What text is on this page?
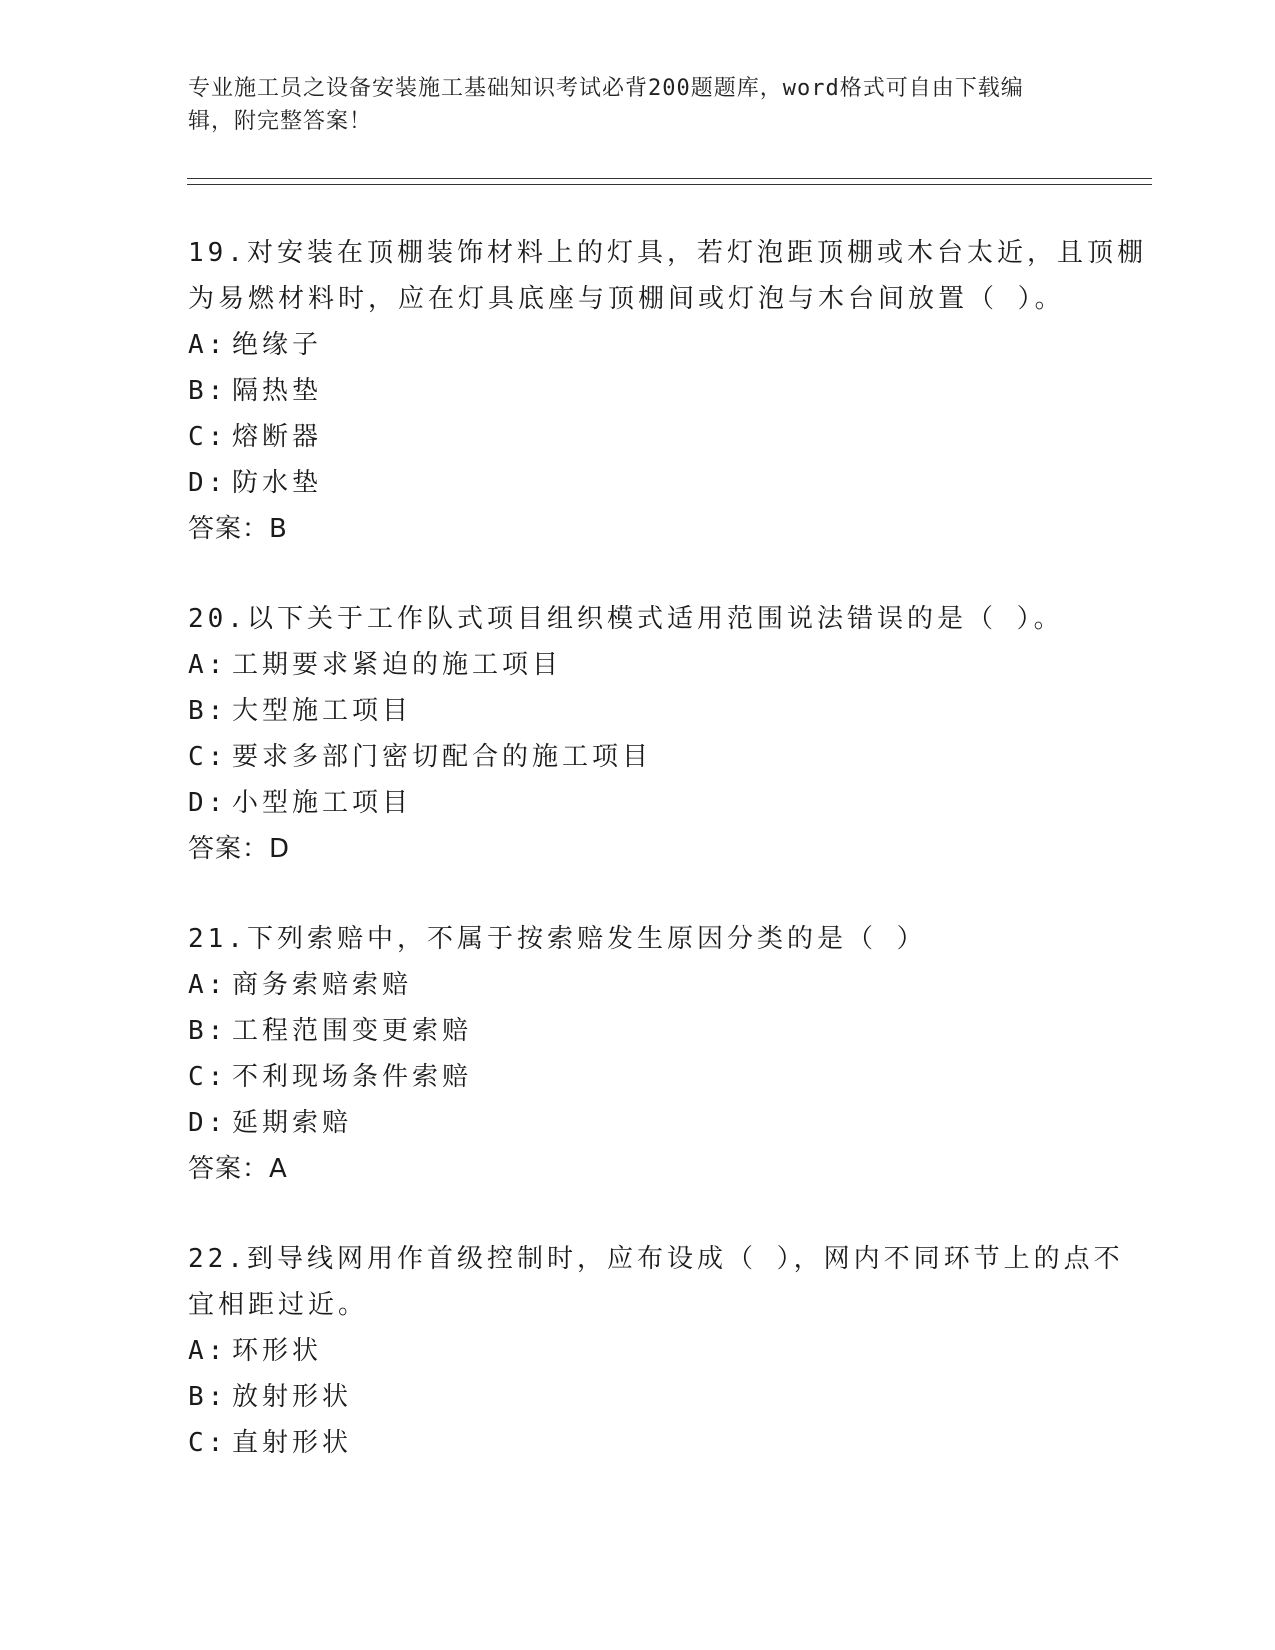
专业施工员之设备安装施工基础知识考试必背200题题库，word格式可自由下载编辑，附完整答案！

19.对安装在顶棚装饰材料上的灯具，若灯泡距顶棚或木台太近，且顶棚为易燃材料时，应在灯具底座与顶棚间或灯泡与木台间放置（ ）。

A: 绝缘子

B: 隔热垫

C: 熔断器

D: 防水垫

答案：B

20.以下关于工作队式项目组织模式适用范围说法错误的是（ ）。

A: 工期要求紧迫的施工项目

B: 大型施工项目

C: 要求多部门密切配合的施工项目

D: 小型施工项目

答案：D

21.下列索赔中，不属于按索赔发生原因分类的是（ ）

A: 商务索赔索赔

B: 工程范围变更索赔

C: 不利现场条件索赔

D: 延期索赔

答案：A

22.到导线网用作首级控制时，应布设成（ ），网内不同环节上的点不宜相距过近。

A: 环形状

B: 放射形状

C: 直射形状
